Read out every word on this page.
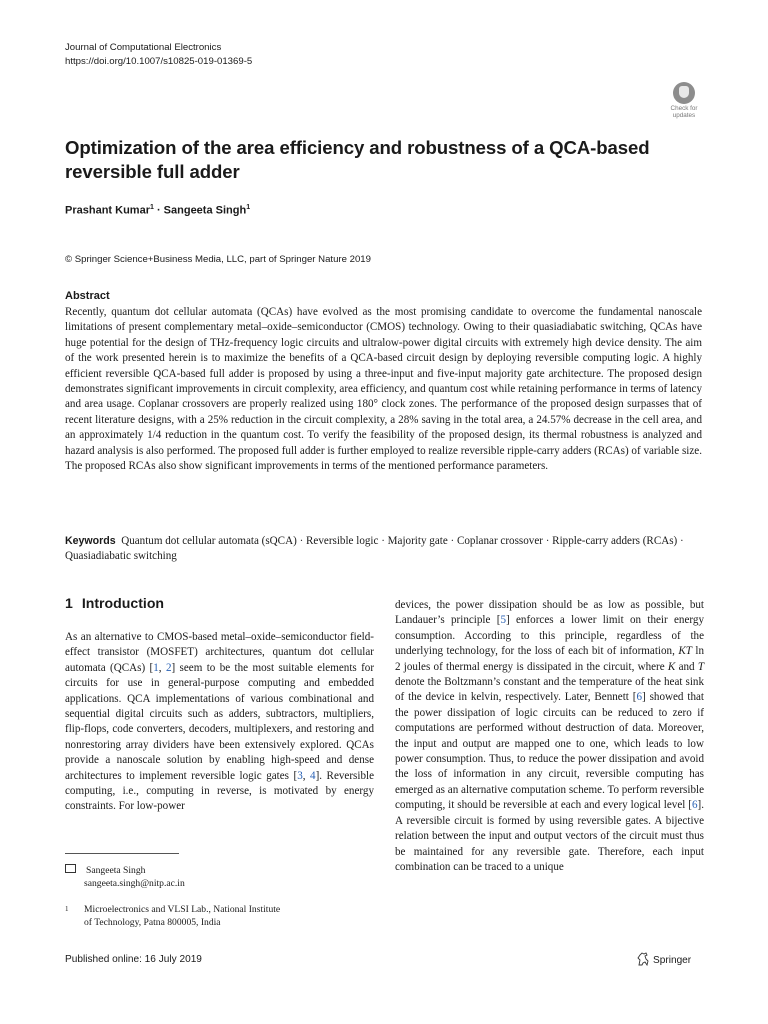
Journal of Computational Electronics
https://doi.org/10.1007/s10825-019-01369-5
Check for
updates
Optimization of the area efficiency and robustness of a QCA-based reversible full adder
Prashant Kumar$^1$ · Sangeeta Singh$^1$
© Springer Science+Business Media, LLC, part of Springer Nature 2019
Abstract
Recently, quantum dot cellular automata (QCAs) have evolved as the most promising candidate to overcome the fundamental nanoscale limitations of present complementary metal–oxide–semiconductor (CMOS) technology. Owing to their quasiadiabatic switching, QCAs have huge potential for the design of THz-frequency logic circuits and ultralow-power digital circuits with extremely high device density. The aim of the work presented herein is to maximize the benefits of a QCA-based circuit design by deploying reversible computing logic. A highly efficient reversible QCA-based full adder is proposed by using a three-input and five-input majority gate architecture. The proposed design demonstrates significant improvements in circuit complexity, area efficiency, and quantum cost while retaining performance in terms of latency and area usage. Coplanar crossovers are properly realized using 180° clock zones. The performance of the proposed design surpasses that of recent literature designs, with a 25% reduction in the circuit complexity, a 28% saving in the total area, a 24.57% decrease in the cell area, and an approximately 1/4 reduction in the quantum cost. To verify the feasibility of the proposed design, its thermal robustness is analyzed and hazard analysis is also performed. The proposed full adder is further employed to realize reversible ripple-carry adders (RCAs) of variable size. The proposed RCAs also show significant improvements in terms of the mentioned performance parameters.
Keywords Quantum dot cellular automata (sQCA) · Reversible logic · Majority gate · Coplanar crossover · Ripple-carry adders (RCAs) · Quasiadiabatic switching
1 Introduction

As an alternative to CMOS-based metal–oxide–semiconductor field-effect transistor (MOSFET) architectures, quantum dot cellular automata (QCAs) [1, 2] seem to be the most suitable elements for circuits for use in general-purpose computing and embedded applications. QCA implementations of various combinational and sequential digital circuits such as adders, subtractors, multipliers, flip-flops, code converters, decoders, multiplexers, and restoring and nonrestoring array dividers have been extensively explored. QCAs provide a nanoscale solution by enabling high-speed and dense architectures to implement reversible logic gates [3, 4]. Reversible computing, i.e., computing in reverse, is motivated by energy constraints. For low-power

devices, the power dissipation should be as low as possible, but Landauer’s principle [5] enforces a lower limit on their energy consumption. According to this principle, regardless of the underlying technology, for the loss of each bit of information, KT ln 2 joules of thermal energy is dissipated in the circuit, where K and T denote the Boltzmann’s constant and the temperature of the heat sink of the device in kelvin, respectively. Later, Bennett [6] showed that the power dissipation of logic circuits can be reduced to zero if computations are performed without destruction of data. Moreover, the input and output are mapped one to one, which leads to low power consumption. Thus, to reduce the power dissipation and avoid the loss of information in any circuit, reversible computing has emerged as an alternative computation scheme. To perform reversible computing, it should be reversible at each and every logical level [6]. A reversible circuit is formed by using reversible gates. A bijective relation between the input and output vectors of the circuit must thus be maintained for any reversible gate. Therefore, each input combination can be traced to a unique

Sangeeta Singh
sangeeta.singh@nitp.ac.in
1 Microelectronics and VLSI Lab., National Institute
of Technology, Patna 800005, India
Published online: 16 July 2019	Springer
